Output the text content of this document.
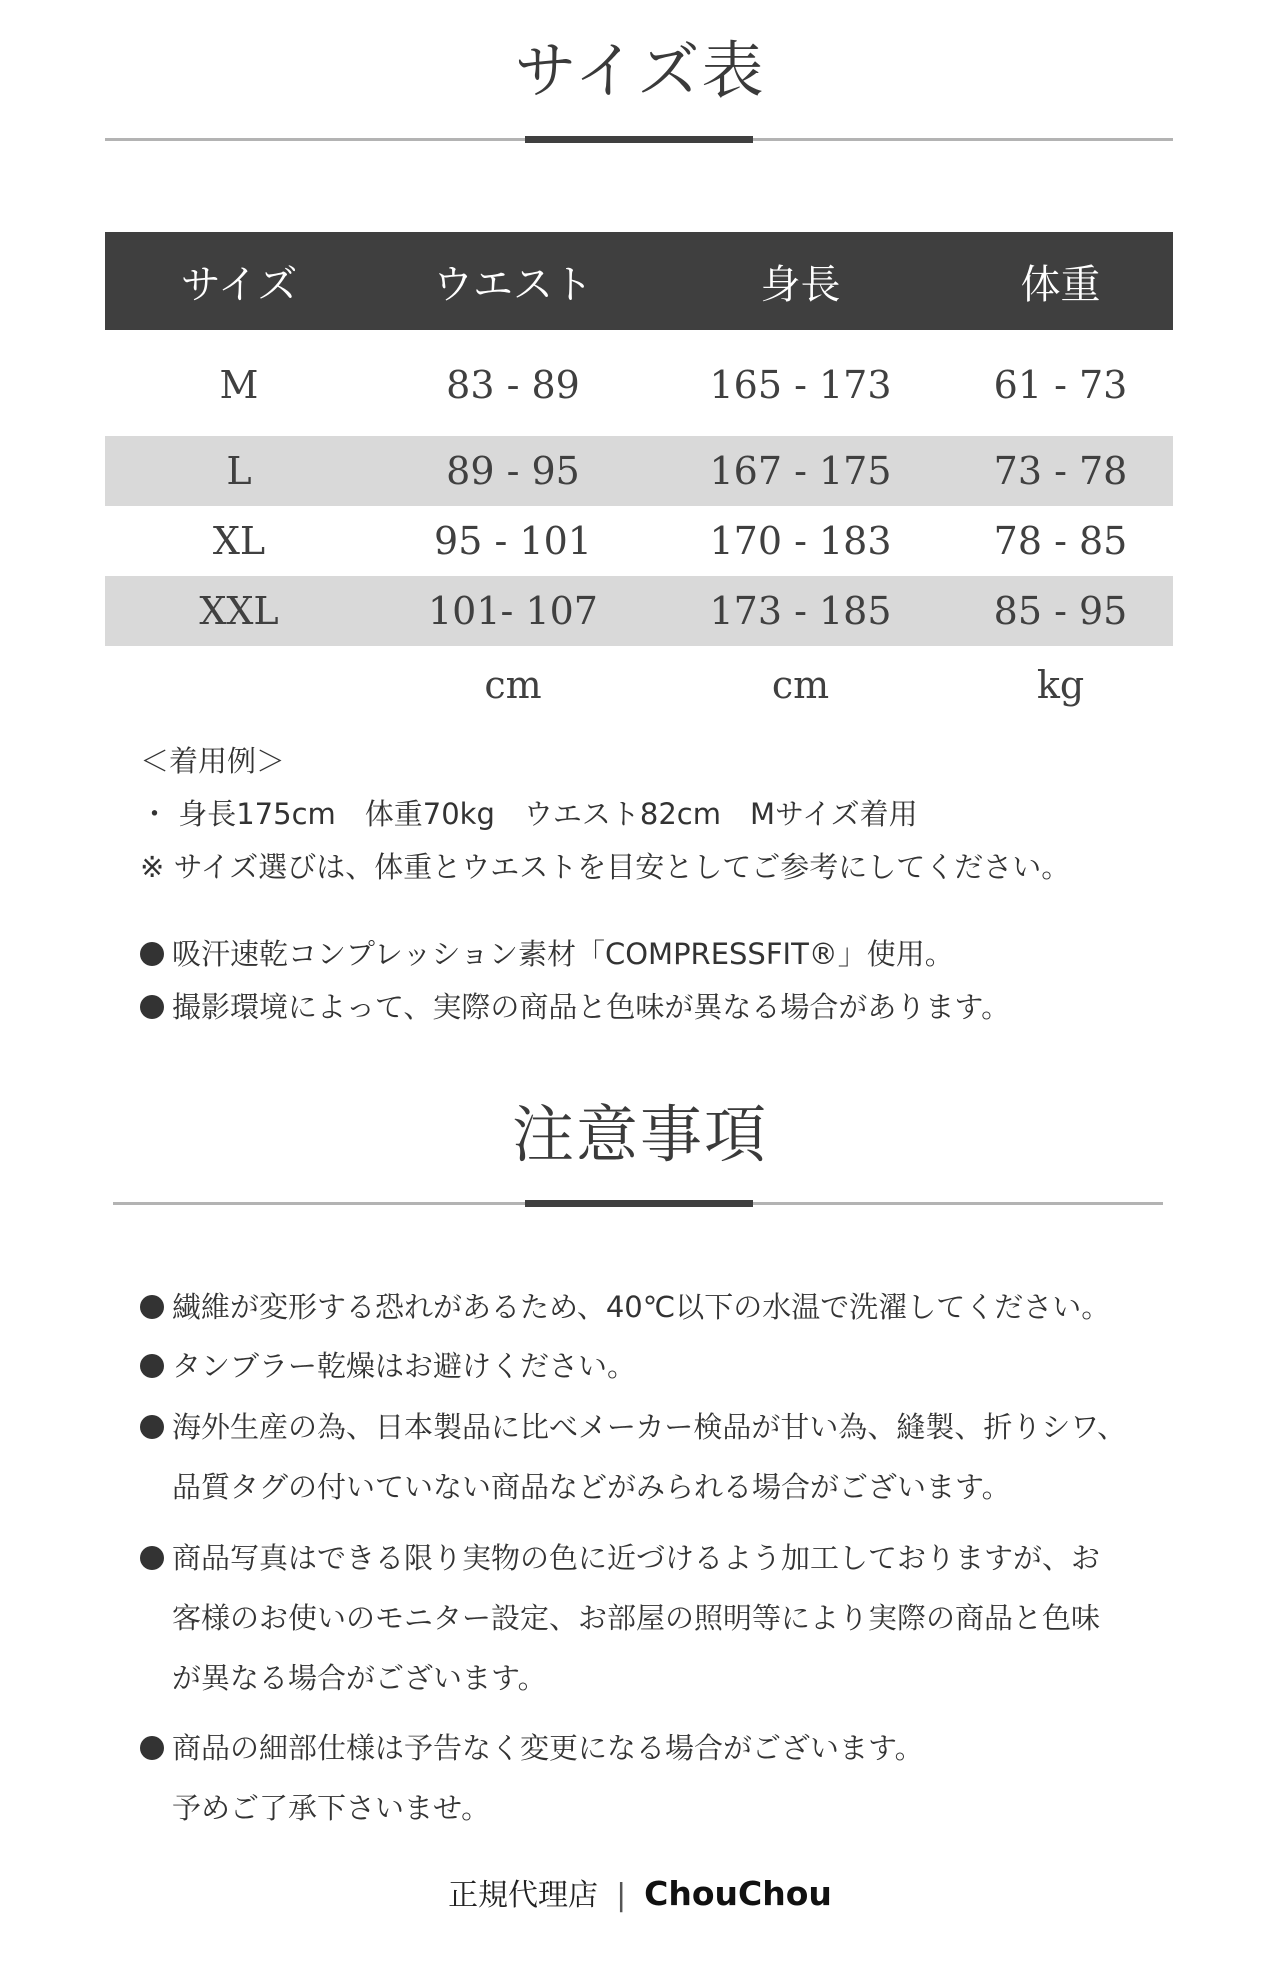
サイズ表
サイズ	ウエスト	身長	体重
M	83 - 89	165 - 173	61 - 73
L	89 - 95	167 - 175	73 - 78
XL	95 - 101	170 - 183	78 - 85
XXL	101- 107	173 - 185	85 - 95
	cm	cm	kg
＜着用例＞
・ 身長175cm　体重70kg　ウエスト82cm　Mサイズ着用
※ サイズ選びは、体重とウエストを目安としてご参考にしてください。
吸汗速乾コンプレッション素材「COMPRESSFIT®」使用。
撮影環境によって、実際の商品と色味が異なる場合があります。
注意事項
繊維が変形する恐れがあるため、40℃以下の水温で洗濯してください。
タンブラー乾燥はお避けください。
海外生産の為、日本製品に比べメーカー検品が甘い為、縫製、折りシワ、
品質タグの付いていない商品などがみられる場合がございます。
商品写真はできる限り実物の色に近づけるよう加工しておりますが、お
客様のお使いのモニター設定、お部屋の照明等により実際の商品と色味
が異なる場合がございます。
商品の細部仕様は予告なく変更になる場合がございます。
予めご了承下さいませ。
正規代理店 | ChouChou
